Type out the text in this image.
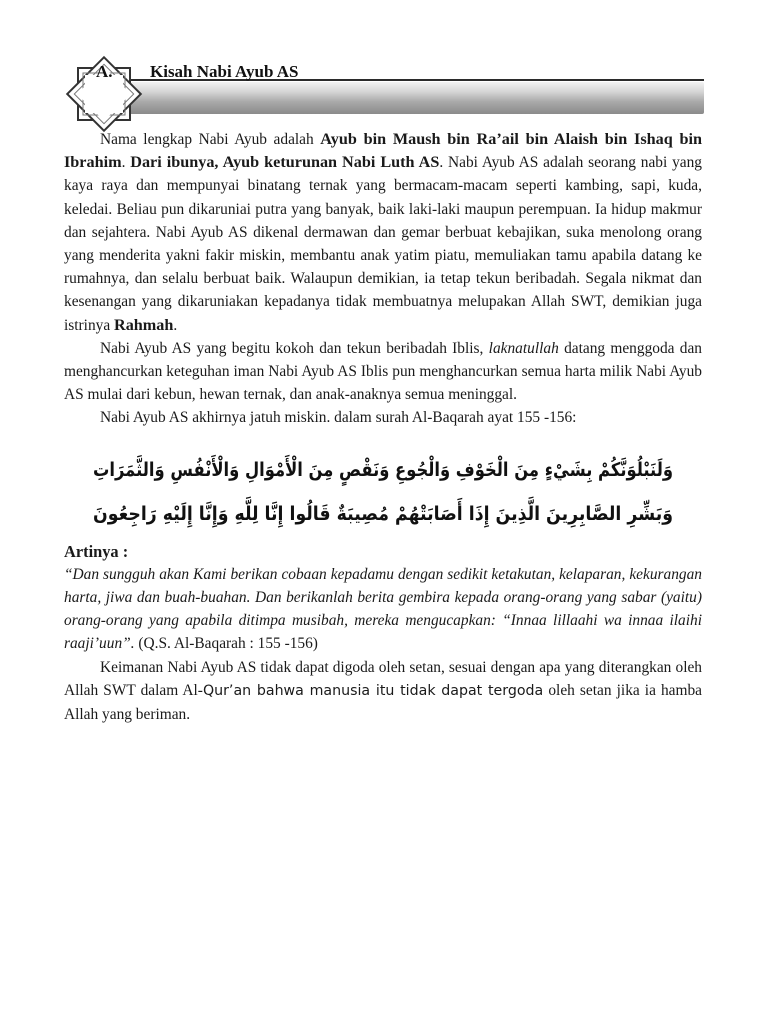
A. Kisah Nabi Ayub AS

Nama lengkap Nabi Ayub adalah Ayub bin Maush bin Ra’ail bin Alaish bin Ishaq bin Ibrahim. Dari ibunya, Ayub keturunan Nabi Luth AS. Nabi Ayub AS adalah seorang nabi yang kaya raya dan mempunyai binatang ternak yang bermacam-macam seperti kambing, sapi, kuda, keledai. Beliau pun dikaruniai putra yang banyak, baik laki-laki maupun perempuan. Ia hidup makmur dan sejahtera. Nabi Ayub AS dikenal dermawan dan gemar berbuat kebajikan, suka menolong orang yang menderita yakni fakir miskin, membantu anak yatim piatu, memuliakan tamu apabila datang ke rumahnya, dan selalu berbuat baik. Walaupun demikian, ia tetap tekun beribadah. Segala nikmat dan kesenangan yang dikaruniakan kepadanya tidak membuatnya melupakan Allah SWT, demikian juga istrinya Rahmah.

Nabi Ayub AS yang begitu kokoh dan tekun beribadah Iblis, laknatullah datang menggoda dan menghancurkan keteguhan iman Nabi Ayub AS Iblis pun menghancurkan semua harta milik Nabi Ayub AS mulai dari kebun, hewan ternak, dan anak-anaknya semua meninggal.

Nabi Ayub AS akhirnya jatuh miskin. dalam surah Al-Baqarah ayat 155 -156:

وَلَنَبْلُوَنَّكُمْ بِشَيْءٍ مِنَ الْخَوْفِ وَالْجُوعِ وَنَقْصٍ مِنَ الْأَمْوَالِ وَالْأَنْفُسِ وَالثَّمَرَاتِ
وَبَشِّرِ الصَّابِرِينَ الَّذِينَ إِذَا أَصَابَتْهُمْ مُصِيبَةٌ قَالُوا إِنَّا لِلَّهِ وَإِنَّا إِلَيْهِ رَاجِعُونَ

Artinya :

“Dan sungguh akan Kami berikan cobaan kepadamu dengan sedikit ketakutan, kelaparan, kekurangan harta, jiwa dan buah-buahan. Dan berikanlah berita gembira kepada orang-orang yang sabar (yaitu) orang-orang yang apabila ditimpa musibah, mereka mengucapkan: “Innaa lillaahi wa innaa ilaihi raaji’uun”. (Q.S. Al-Baqarah : 155 -156)

Keimanan Nabi Ayub AS tidak dapat digoda oleh setan, sesuai dengan apa yang diterangkan oleh Allah SWT dalam Al-Qur’an bahwa manusia itu tidak dapat tergoda oleh setan jika ia hamba Allah yang beriman.
